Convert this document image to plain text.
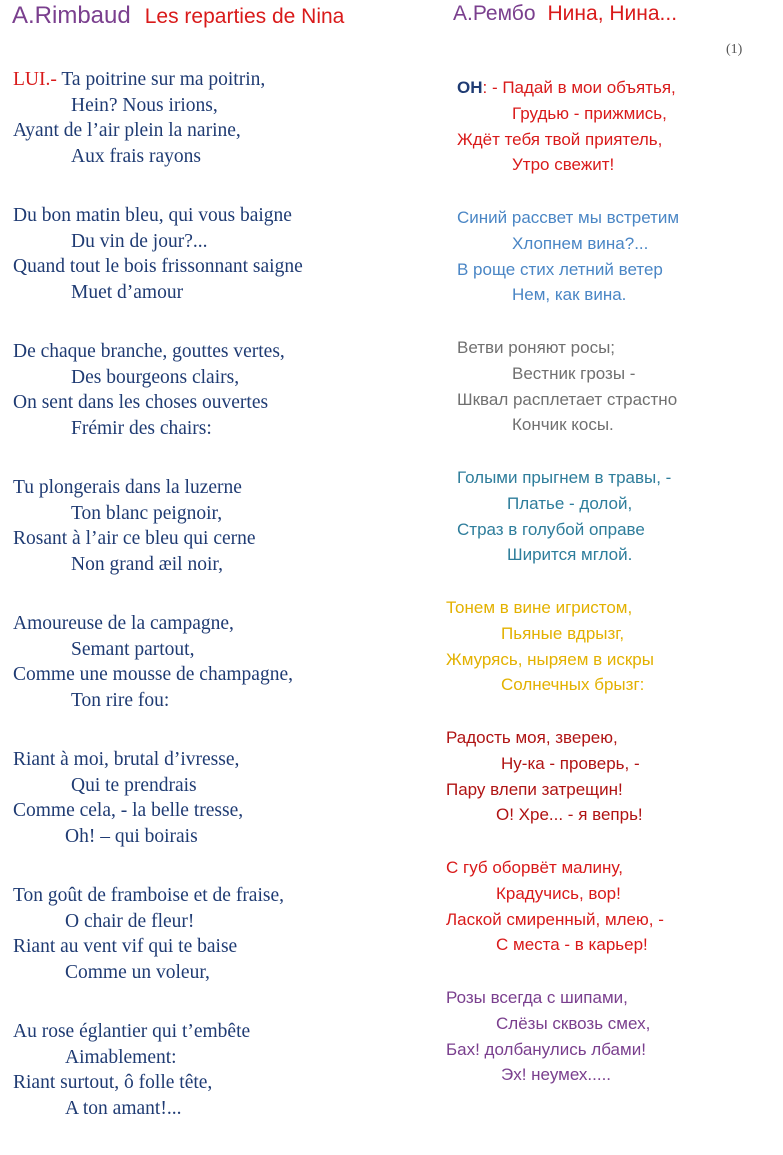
A.Rimbaud Les reparties de Nina	А.Рембо Нина, Нина...
(1)
LUI.- Ta poitrine sur ma poitrin,
Hein? Nous irions,
Ayant de l’air plein la narine,
Aux frais rayons
Du bon matin bleu, qui vous baigne
Du vin de jour?...
Quand tout le bois frissonnant saigne
Muet d’amour
De chaque branche, gouttes vertes,
Des bourgeons clairs,
On sent dans les choses ouvertes
Frémir des chairs:
Tu plongerais dans la luzerne
Ton blanc peignoir,
Rosant à l’air ce bleu qui cerne
Non grand æil noir,
Amoureuse de la campagne,
Semant partout,
Comme une mousse de champagne,
Ton rire fou:
Riant à moi, brutal d’ivresse,
Qui te prendrais
Comme cela, - la belle tresse,
Oh! – qui boirais
Ton goût de framboise et de fraise,
O chair de fleur!
Riant au vent vif qui te baise
Comme un voleur,
Au rose églantier qui t’embête
Aimablement:
Riant surtout, ô folle tête,
A ton amant!...
ОН: - Падай в мои объятья,
Грудью - прижмись,
Ждёт тебя твой приятель,
Утро свежит!
Синий рассвет мы встретим
Хлопнем вина?...
В роще стих летний ветер
Нем, как вина.
Ветви роняют росы;
Вестник грозы -
Шквал расплетает страстно
Кончик косы.
Голыми прыгнем в травы, -
Платье - долой,
Страз в голубой оправе
Ширится мглой.
Тонем в вине игристом,
Пьяные вдрызг,
Жмурясь, ныряем в искры
Солнечных брызг:
Радость моя, зверею,
Ну-ка - проверь, -
Пару влепи затрещин!
О! Хре... - я вепрь!
С губ оборвёт малину,
Крадучись, вор!
Лаской смиренный, млею, -
С места - в карьер!
Розы всегда с шипами,
Слёзы сквозь смех,
Бах! долбанулись лбами!
Эх! неумех.....
